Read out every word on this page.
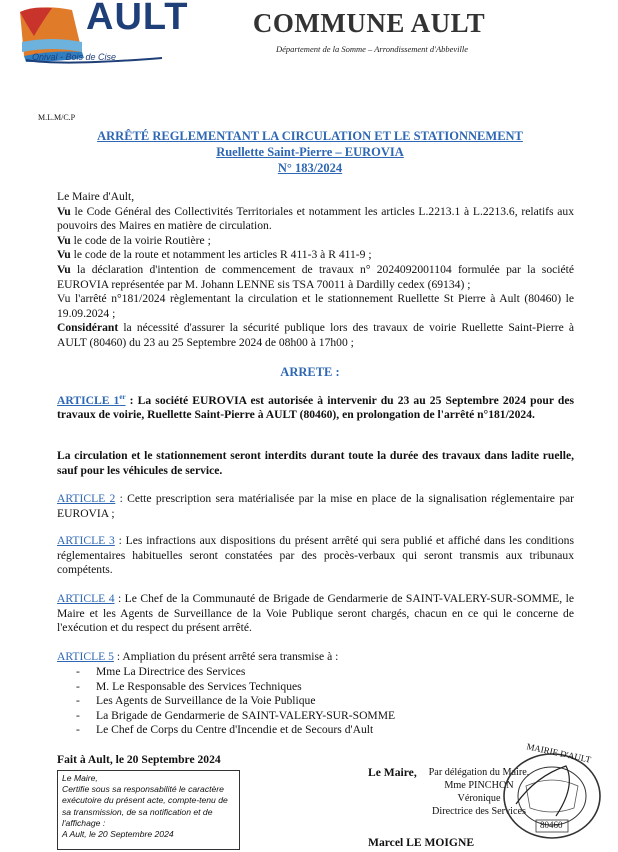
AULT
Onival - Bois de Cise
COMMUNE AULT
Département de la Somme – Arrondissement d'Abbeville
M.L.M/C.P
ARRÊTÉ REGLEMENTANT LA CIRCULATION ET LE STATIONNEMENT
Ruellette Saint-Pierre – EUROVIA
N° 183/2024

Le Maire d'Ault,

Vu le Code Général des Collectivités Territoriales et notamment les articles L.2213.1 à L.2213.6, relatifs aux pouvoirs des Maires en matière de circulation.

Vu le code de la voirie Routière ;

Vu le code de la route et notamment les articles R 411-3 à R 411-9 ;

Vu la déclaration d'intention de commencement de travaux n° 2024092001104 formulée par la société EUROVIA représentée par M. Johann LENNE sis TSA 70011 à Dardilly cedex (69134) ;

Vu l'arrêté n°181/2024 règlementant la circulation et le stationnement Ruellette St Pierre à Ault (80460) le 19.09.2024 ;

Considérant la nécessité d'assurer la sécurité publique lors des travaux de voirie Ruellette Saint-Pierre à AULT (80460) du 23 au 25 Septembre 2024 de 08h00 à 17h00 ;

ARRETE :
ARTICLE 1er : La société EUROVIA est autorisée à intervenir du 23 au 25 Septembre 2024 pour des travaux de voirie, Ruellette Saint-Pierre à AULT (80460), en prolongation de l'arrêté n°181/2024.
La circulation et le stationnement seront interdits durant toute la durée des travaux dans ladite ruelle, sauf pour les véhicules de service.
ARTICLE 2 : Cette prescription sera matérialisée par la mise en place de la signalisation réglementaire par EUROVIA ;
ARTICLE 3 : Les infractions aux dispositions du présent arrêté qui sera publié et affiché dans les conditions réglementaires habituelles seront constatées par des procès-verbaux qui seront transmis aux tribunaux compétents.
ARTICLE 4 : Le Chef de la Communauté de Brigade de Gendarmerie de SAINT-VALERY-SUR-SOMME, le Maire et les Agents de Surveillance de la Voie Publique seront chargés, chacun en ce qui le concerne de l'exécution et du respect du présent arrêté.
ARTICLE 5 : Ampliation du présent arrêté sera transmise à :
-	Mme La Directrice des Services
-	M. Le Responsable des Services Techniques
-	Les Agents de Surveillance de la Voie Publique
-	La Brigade de Gendarmerie de SAINT-VALERY-SUR-SOMME
-	Le Chef de Corps du Centre d'Incendie et de Secours d'Ault
Fait à Ault, le 20 Septembre 2024
Le Maire,
Certifie sous sa responsabilité le caractère exécutoire du présent acte, compte-tenu de sa transmission, de sa notification et de l'affichage :
A Ault, le 20 Septembre 2024
Le Maire,	Par délégation du Maire,
Mme PINCHON Véronique
Directrice des Services
MAIRIE D'AULT
80460
Marcel LE MOIGNE
